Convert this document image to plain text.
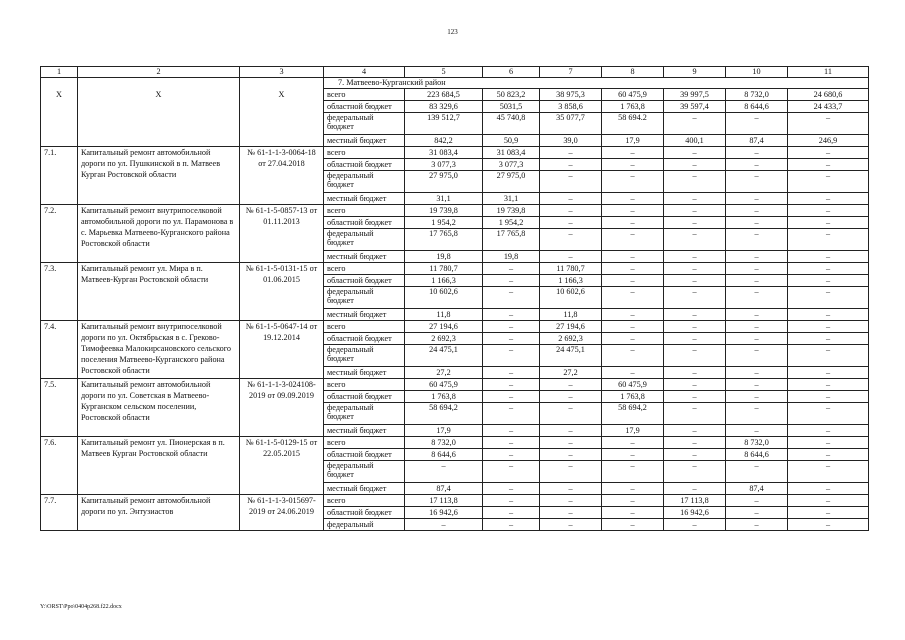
123
1	2	3	4	5	6	7	8	9	10	11
			7. Матвеево-Курганский район							
Х	Х	Х	всего	223 684,5	50 823,2	38 975,3	60 475,9	39 997,5	8 732,0	24 680,6
			областной бюджет	83 329,6	5031,5	3 858,6	1 763,8	39 597,4	8 644,6	24 433,7
			федеральный бюджет	139 512,7	45 740,8	35 077,7	58 694.2	–	–	–
			местный бюджет	842,2	50,9	39,0	17,9	400,1	87,4	246,9
7.1.	Капитальный ремонт автомобильной дороги по ул. Пушкинской в п. Матвеев Курган Ростовской области	№ 61-1-1-3-0064-18 от 27.04.2018	всего	31 083,4	31 083,4	–	–	–	–	–
			областной бюджет	3 077,3	3 077,3	–	–	–	–	–
			федеральный бюджет	27 975,0	27 975,0	–	–	–	–	–
			местный бюджет	31,1	31,1	–	–	–	–	–
7.2.	Капитальный ремонт внутрипоселковой автомобильной дороги по ул. Парамонова в с. Марьевка Матвеево-Курганского района Ростовской области	№ 61-1-5-0857-13 от 01.11.2013	всего	19 739,8	19 739,8	–	–	–	–	–
			областной бюджет	1 954,2	1 954,2	–	–	–	–	–
			федеральный бюджет	17 765,8	17 765,8	–	–	–	–	–
			местный бюджет	19,8	19,8	–	–	–	–	–
7.3.	Капитальный ремонт ул. Мира в п. Матвеев-Курган Ростовской области	№ 61-1-5-0131-15 от 01.06.2015	всего	11 780,7	–	11 780,7	–	–	–	–
			областной бюджет	1 166,3	–	1 166,3	–	–	–	–
			федеральный бюджет	10 602,6	–	10 602,6	–	–	–	–
			местный бюджет	11,8	–	11,8	–	–	–	–
7.4.	Капитальный ремонт внутрипоселковой дороги по ул. Октябрьская в с. Греково-Тимофеевка Малокирсановского сельского поселения Матвеево-Курганского района Ростовской области	№ 61-1-5-0647-14 от 19.12.2014	всего	27 194,6	–	27 194,6	–	–	–	–
			областной бюджет	2 692,3	–	2 692,3	–	–	–	–
			федеральный бюджет	24 475,1	–	24 475,1	–	–	–	–
			местный бюджет	27,2	–	27,2	–	–	–	–
7.5.	Капитальный ремонт автомобильной дороги по ул. Советская в Матвеево-Курганском сельском поселении, Ростовской области	№ 61-1-1-3-024108-2019 от 09.09.2019	всего	60 475,9	–	–	60 475,9	–	–	–
			областной бюджет	1 763,8	–	–	1 763,8	–	–	–
			федеральный бюджет	58 694,2	–	–	58 694,2	–	–	–
			местный бюджет	17,9	–	–	17,9	–	–	–
7.6.	Капитальный ремонт ул. Пионерская в п. Матвеев Курган Ростовской области	№ 61-1-5-0129-15 от 22.05.2015	всего	8 732,0	–	–	–	–	8 732,0	–
			областной бюджет	8 644,6	–	–	–	–	8 644,6	–
			федеральный бюджет	–	–	–	–	–	–	–
			местный бюджет	87,4	–	–	–	–	87,4	–
7.7.	Капитальный ремонт автомобильной дороги по ул. Энтузиастов	№ 61-1-1-3-015697-2019 от 24.06.2019	всего	17 113,8	–	–	–	17 113,8	–	–
			областной бюджет	16 942,6	–	–	–	16 942,6	–	–
			федеральный	–	–	–	–	–	–	–
Y:\ORST\Ppo\0404p268.f22.docx
